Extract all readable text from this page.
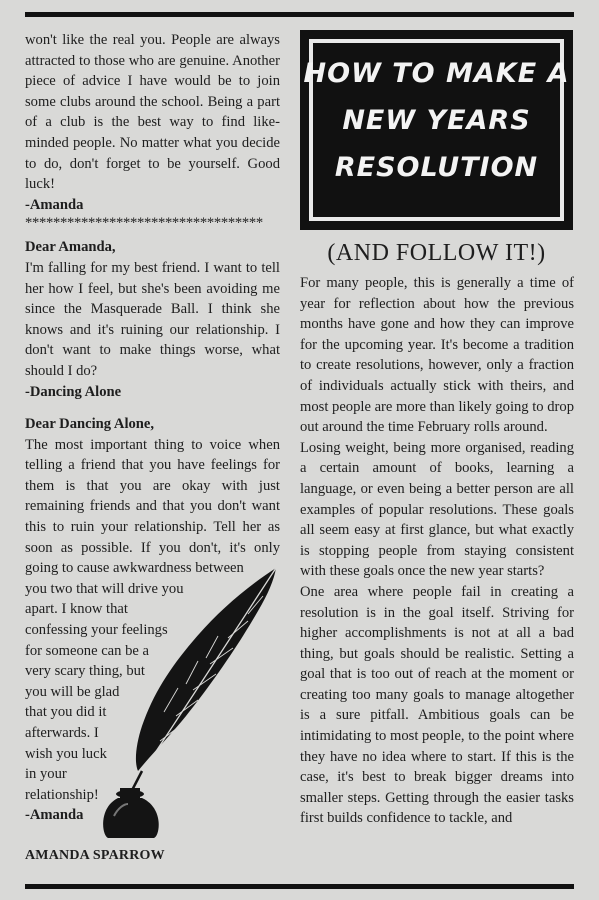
won't like the real you. People are always attracted to those who are genuine. Another piece of advice I have would be to join some clubs around the school. Being a part of a club is the best way to find like-minded people. No matter what you decide to do, don't forget to be yourself. Good luck!

-Amanda

**********************************

Dear Amanda,

I'm falling for my best friend. I want to tell her how I feel, but she's been avoiding me since the Masquerade Ball. I think she knows and it's ruining our relationship. I don't want to make things worse, what should I do?

-Dancing Alone

Dear Dancing Alone,

The most important thing to voice when telling a friend that you have feelings for them is that you are okay with just remaining friends and that you don't want this to ruin your relationship. Tell her as soon as possible. If you don't, it's only going to cause awkwardness between

you two that will drive you
apart. I know that
confessing your feelings
for someone can be a
very scary thing, but
you will be glad
that you did it
afterwards. I
wish you luck
in your
relationship!

-Amanda

AMANDA SPARROW
HOW TO MAKE A
NEW YEARS
RESOLUTION
(AND FOLLOW IT!)

For many people, this is generally a time of year for reflection about how the previous months have gone and how they can improve for the upcoming year. It's become a tradition to create resolutions, however, only a fraction of individuals actually stick with theirs, and most people are more than likely going to drop out around the time February rolls around.

Losing weight, being more organised, reading a certain amount of books, learning a language, or even being a better person are all examples of popular resolutions. These goals all seem easy at first glance, but what exactly is stopping people from staying consistent with these goals once the new year starts?

One area where people fail in creating a resolution is in the goal itself. Striving for higher accomplishments is not at all a bad thing, but goals should be realistic. Setting a goal that is too out of reach at the moment or creating too many goals to manage altogether is a sure pitfall. Ambitious goals can be intimidating to most people, to the point where they have no idea where to start. If this is the case, it's best to break bigger dreams into smaller steps. Getting through the easier tasks first builds confidence to tackle, and
